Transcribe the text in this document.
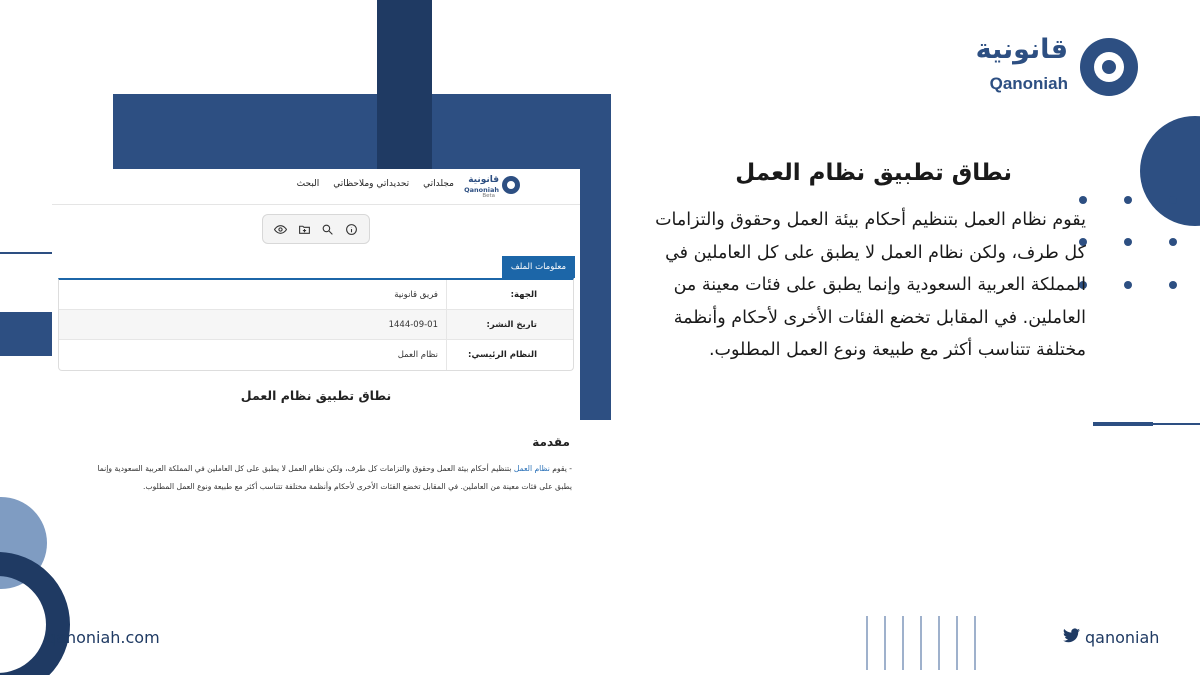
قانونية
Qanoniah
نطاق تطبيق نظام العمل
يقوم نظام العمل بتنظيم أحكام بيئة العمل وحقوق والتزامات كل طرف، ولكن نظام العمل لا يطبق على كل العاملين في المملكة العربية السعودية وإنما يطبق على فئات معينة من العاملين. في المقابل تخضع الفئات الأخرى لأحكام وأنظمة مختلفة تتناسب أكثر مع طبيعة ونوع العمل المطلوب.
البحث تحديداتي وملاحظاتي مجلداتي قانونية
Qanoniah
Beta
معلومات الملف
الجهة:
فريق قانونية
تاريخ النشر:
1444-09-01
النظام الرئيسي:
نظام العمل
نطاق تطبيق نظام العمل
مقدمة
- يقوم نظام العمل بتنظيم أحكام بيئة العمل وحقوق والتزامات كل طرف، ولكن نظام العمل لا يطبق على كل العاملين في المملكة العربية السعودية وإنما يطبق على فئات معينة من العاملين. في المقابل تخضع الفئات الأخرى لأحكام وأنظمة مختلفة تتناسب أكثر مع طبيعة ونوع العمل المطلوب.
qanoniah.com	qanoniah
